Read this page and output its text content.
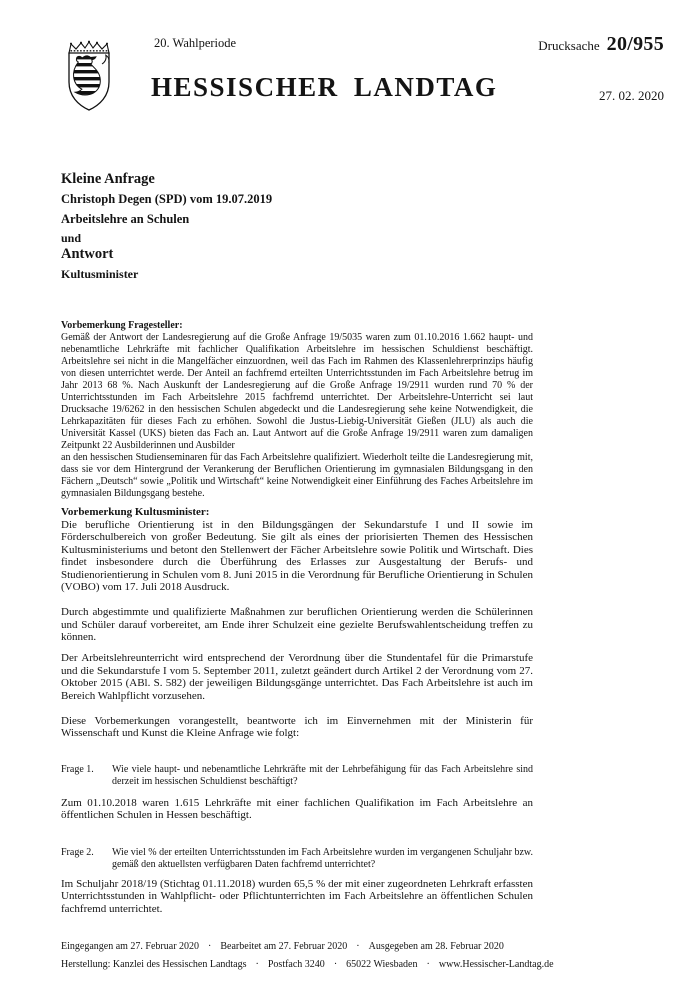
20. Wahlperiode
HESSISCHER LANDTAG
Drucksache 20/955
27. 02. 2020

Kleine Anfrage

Christoph Degen (SPD) vom 19.07.2019

Arbeitslehre an Schulen

und

Antwort

Kultusminister

Vorbemerkung Fragesteller:

Gemäß der Antwort der Landesregierung auf die Große Anfrage 19/5035 waren zum 01.10.2016 1.662 haupt- und nebenamtliche Lehrkräfte mit fachlicher Qualifikation Arbeitslehre im hessischen Schuldienst beschäftigt. Arbeitslehre sei nicht in die Mangelfächer einzuordnen, weil das Fach im Rahmen des Klassenlehrerprinzips häufig von diesen unterrichtet werde. Der Anteil an fachfremd erteilten Unterrichtsstunden im Fach Arbeitslehre betrug im Jahr 2013 68 %. Nach Auskunft der Landesregierung auf die Große Anfrage 19/2911 wurden rund 70 % der Unterrichtsstunden im Fach Arbeitslehre 2015 fachfremd unterrichtet. Der Arbeitslehre-Unterricht sei laut Drucksache 19/6262 in den hessischen Schulen abgedeckt und die Landesregierung sehe keine Notwendigkeit, die Lehrkapazitäten für dieses Fach zu erhöhen. Sowohl die Justus-Liebig-Universität Gießen (JLU) als auch die Universität Kassel (UKS) bieten das Fach an. Laut Antwort auf die Große Anfrage 19/2911 waren zum damaligen Zeitpunkt 22 Ausbilderinnen und Ausbilder

an den hessischen Studienseminaren für das Fach Arbeitslehre qualifiziert. Wiederholt teilte die Landesregierung mit, dass sie vor dem Hintergrund der Verankerung der Beruflichen Orientierung im gymnasialen Bildungsgang in den Fächern „Deutsch“ sowie „Politik und Wirtschaft“ keine Notwendigkeit einer Einführung des Faches Arbeitslehre im gymnasialen Bildungsgang bestehe.

Vorbemerkung Kultusminister:

Die berufliche Orientierung ist in den Bildungsgängen der Sekundarstufe I und II sowie im Förderschulbereich von großer Bedeutung. Sie gilt als eines der priorisierten Themen des Hessischen Kultusministeriums und betont den Stellenwert der Fächer Arbeitslehre sowie Politik und Wirtschaft. Dies findet insbesondere durch die Überführung des Erlasses zur Ausgestaltung der Berufs- und Studienorientierung in Schulen vom 8. Juni 2015 in die Verordnung für Berufliche Orientierung in Schulen (VOBO) vom 17. Juli 2018 Ausdruck.

Durch abgestimmte und qualifizierte Maßnahmen zur beruflichen Orientierung werden die Schülerinnen und Schüler darauf vorbereitet, am Ende ihrer Schulzeit eine gezielte Berufswahlentscheidung treffen zu können.

Der Arbeitslehreunterricht wird entsprechend der Verordnung über die Stundentafel für die Primarstufe und die Sekundarstufe I vom 5. September 2011, zuletzt geändert durch Artikel 2 der Verordnung vom 27. Oktober 2015 (ABl. S. 582) der jeweiligen Bildungsgänge unterrichtet. Das Fach Arbeitslehre ist auch im Bereich Wahlpflicht vorzusehen.

Diese Vorbemerkungen vorangestellt, beantworte ich im Einvernehmen mit der Ministerin für Wissenschaft und Kunst die Kleine Anfrage wie folgt:

Frage 1.	Wie viele haupt- und nebenamtliche Lehrkräfte mit der Lehrbefähigung für das Fach Arbeitslehre sind derzeit im hessischen Schuldienst beschäftigt?

Zum 01.10.2018 waren 1.615 Lehrkräfte mit einer fachlichen Qualifikation im Fach Arbeitslehre an öffentlichen Schulen in Hessen beschäftigt.

Frage 2.	Wie viel % der erteilten Unterrichtsstunden im Fach Arbeitslehre wurden im vergangenen Schuljahr bzw. gemäß den aktuellsten verfügbaren Daten fachfremd unterrichtet?

Im Schuljahr 2018/19 (Stichtag 01.11.2018) wurden 65,5 % der mit einer zugeordneten Lehrkraft erfassten Unterrichtsstunden in Wahlpflicht- oder Pflichtunterrichten im Fach Arbeitslehre an öffentlichen Schulen fachfremd unterrichtet.

Eingegangen am 27. Februar 2020 · Bearbeitet am 27. Februar 2020 · Ausgegeben am 28. Februar 2020
Herstellung: Kanzlei des Hessischen Landtags · Postfach 3240 · 65022 Wiesbaden · www.Hessischer-Landtag.de
